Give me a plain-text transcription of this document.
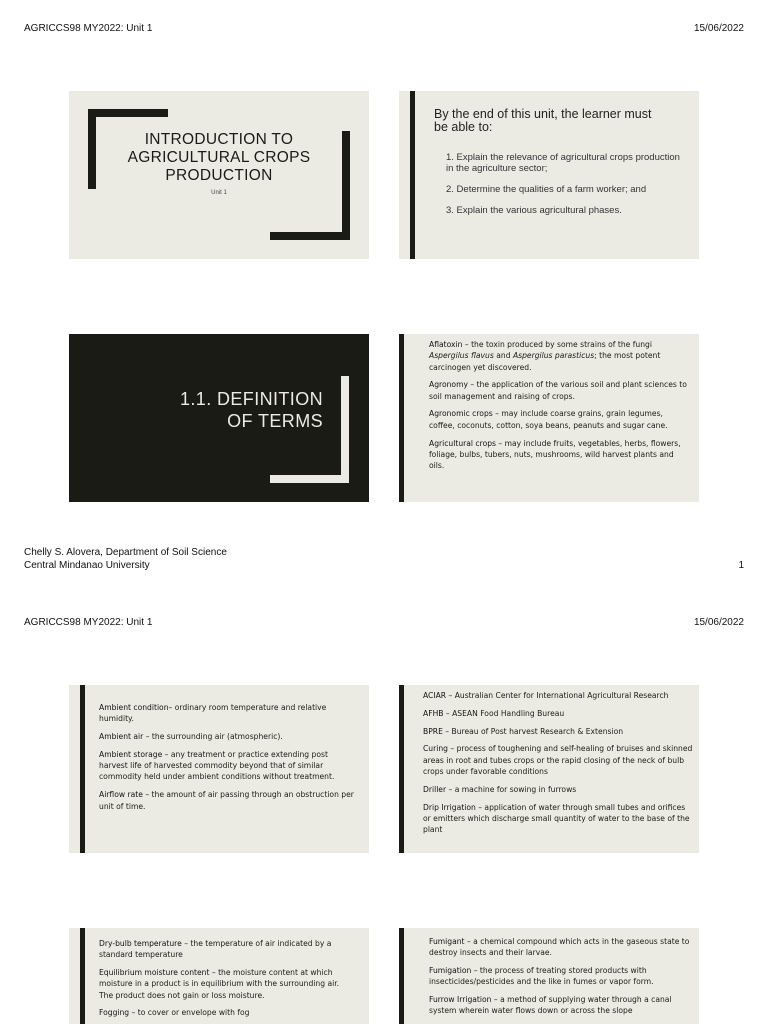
AGRICCS98 MY2022: Unit 1	15/06/2022
INTRODUCTION TO
AGRICULTURAL CROPS
PRODUCTION
Unit 1
By the end of this unit, the learner must be able to:
1. Explain the relevance of agricultural crops production in the agriculture sector;
2. Determine the qualities of a farm worker; and
3. Explain the various agricultural phases.
1.1. DEFINITION
OF TERMS
Aflatoxin – the toxin produced by some strains of the fungi Aspergilus flavus and Aspergilus parasticus; the most potent carcinogen yet discovered.
Agronomy – the application of the various soil and plant sciences to soil management and raising of crops.
Agronomic crops – may include coarse grains, grain legumes, coffee, coconuts, cotton, soya beans, peanuts and sugar cane.
Agricultural crops – may include fruits, vegetables, herbs, flowers, foliage, bulbs, tubers, nuts, mushrooms, wild harvest plants and oils.
Chelly S. Alovera, Department of Soil Science
Central Mindanao University	1
AGRICCS98 MY2022: Unit 1	15/06/2022
Ambient condition– ordinary room temperature and relative humidity.
Ambient air – the surrounding air (atmospheric).
Ambient storage – any treatment or practice extending post harvest life of harvested commodity beyond that of similar commodity held under ambient conditions without treatment.
Airflow rate – the amount of air passing through an obstruction per unit of time.
ACIAR – Australian Center for International Agricultural Research
AFHB – ASEAN Food Handling Bureau
BPRE – Bureau of Post harvest Research & Extension
Curing – process of toughening and self-healing of bruises and skinned areas in root and tubes crops or the rapid closing of the neck of bulb crops under favorable conditions
Driller – a machine for sowing in furrows
Drip Irrigation – application of water through small tubes and orifices or emitters which discharge small quantity of water to the base of the plant
Dry-bulb temperature – the temperature of air indicated by a standard temperature
Equilibrium moisture content – the moisture content at which moisture in a product is in equilibrium with the surrounding air. The product does not gain or loss moisture.
Fogging – to cover or envelope with fog
Fumigant – a chemical compound which acts in the gaseous state to destroy insects and their larvae.
Fumigation – the process of treating stored products with insecticides/pesticides and the like in fumes or vapor form.
Furrow Irrigation – a method of supplying water through a canal system wherein water flows down or across the slope
